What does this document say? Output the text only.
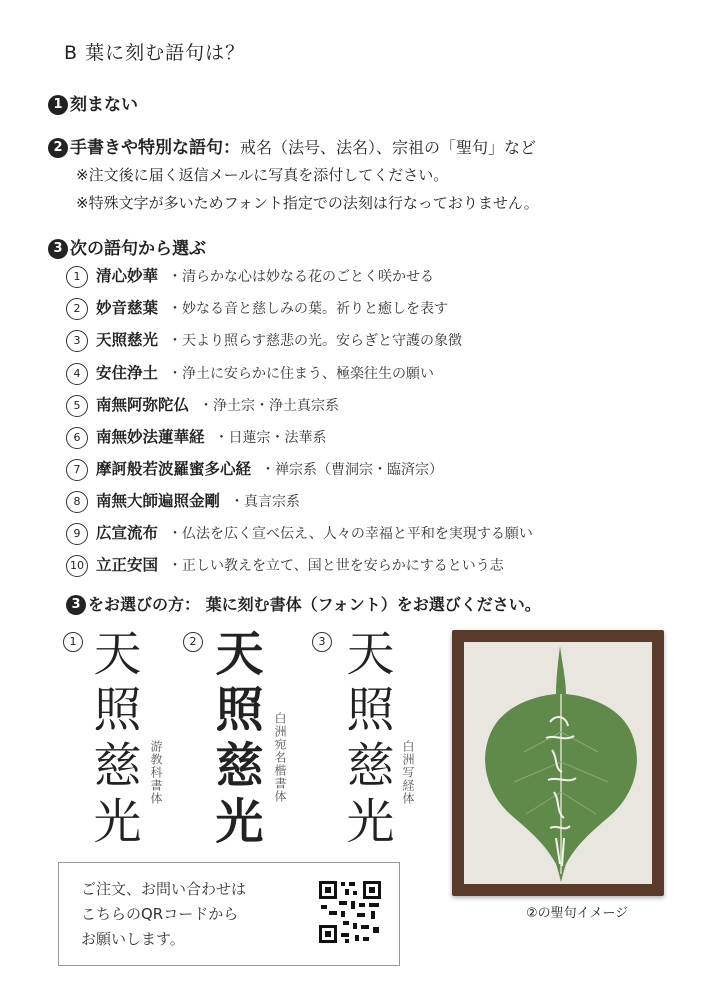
B 葉に刻む語句は？
1 刻まない
2 手書きや特別な語句：戒名（法号、法名）、宗祖の「聖句」など
※注文後に届く返信メールに写真を添付してください。
※特殊文字が多いためフォント指定での法刻は行なっておりません。
3 次の語句から選ぶ
1 清心妙華 ・清らかな心は妙なる花のごとく咲かせる
2 妙音慈葉 ・妙なる音と慈しみの葉。祈りと癒しを表す
3 天照慈光 ・天より照らす慈悲の光。安らぎと守護の象徴
4 安住浄土 ・浄土に安らかに住まう、極楽往生の願い
5 南無阿弥陀仏 ・浄土宗・浄土真宗系
6 南無妙法蓮華経 ・日蓮宗・法華系
7 摩訶般若波羅蜜多心経 ・禅宗系（曹洞宗・臨済宗）
8 南無大師遍照金剛 ・真言宗系
9 広宣流布 ・仏法を広く宣べ伝え、人々の幸福と平和を実現する願い
10 立正安国 ・正しい教えを立て、国と世を安らかにするという志
3 をお選びの方： 葉に刻む書体（フォント）をお選びください。
1 天照慈光 游教科書体
2 天照慈光 白洲宛名楷書体
3 天照慈光 白洲写経体
②の聖句イメージ
ご注文、お問い合わせは
こちらのQRコードから
お願いします。
